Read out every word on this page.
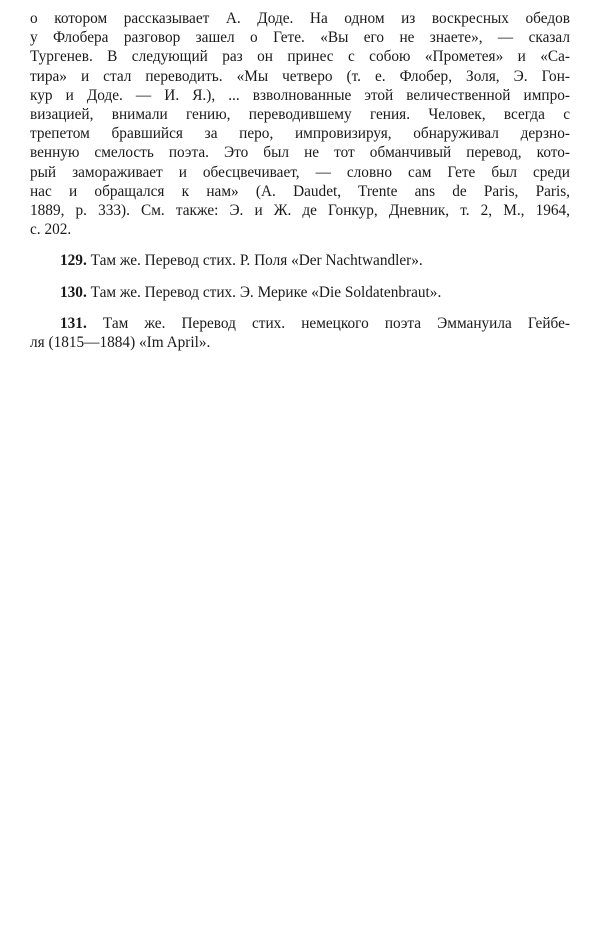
о котором рассказывает А. Доде. На одном из воскресных обедов
у Флобера разговор зашел о Гете. «Вы его не знаете», — сказал
Тургенев. В следующий раз он принес с собою «Прометея» и «Са-
тира» и стал переводить. «Мы четверо (т. е. Флобер, Золя, Э. Гон-
кур и Доде. — И. Я.), ... взволнованные этой величественной импро-
визацией, внимали гению, переводившему гения. Человек, всегда с
трепетом бравшийся за перо, импровизируя, обнаруживал дерзно-
венную смелость поэта. Это был не тот обманчивый перевод, кото-
рый замораживает и обесцвечивает, — словно сам Гете был среди
нас и обращался к нам» (A. Daudet, Trente ans de Paris, Paris,
1889, p. 333). См. также: Э. и Ж. де Гонкур, Дневник, т. 2, М., 1964,
с. 202.
129. Там же. Перевод стих. Р. Поля «Der Nachtwandler».
130. Там же. Перевод стих. Э. Мерике «Die Soldatenbraut».
131. Там же. Перевод стих. немецкого поэта Эммануила Гейбе-
ля (1815—1884) «Im April».
